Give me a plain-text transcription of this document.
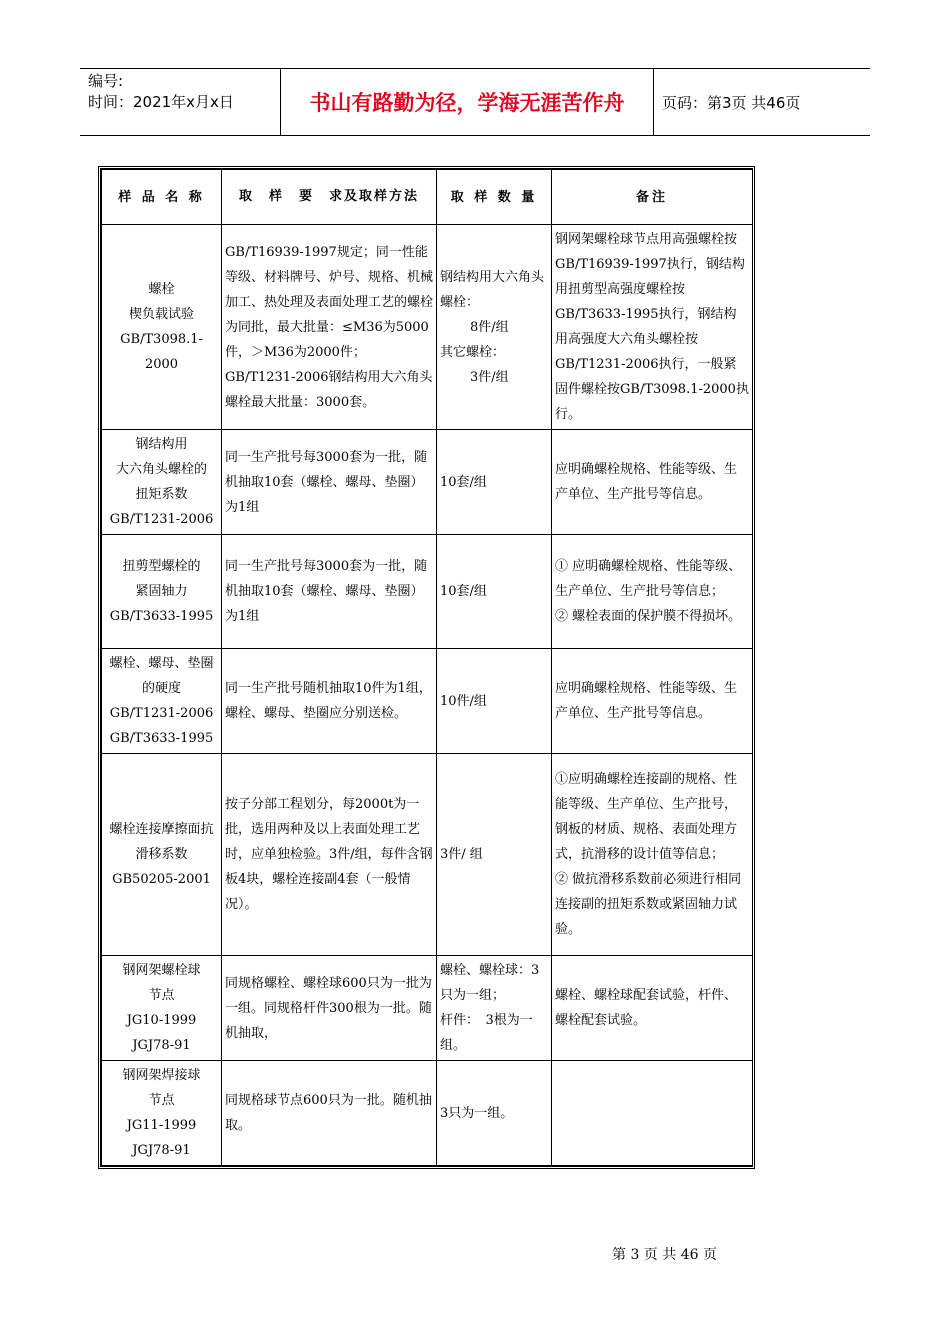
编号:
时间：2021年x月x日	书山有路勤为径，学海无涯苦作舟	页码：第3页 共46页
样 品 名 称	取　样　要　求及取样方法	取 样 数 量	备注

螺栓
楔负载试验
GB/T3098.1-
2000	GB/T16939-1997规定；同一性能等级、材料牌号、炉号、规格、机械加工、热处理及表面处理工艺的螺栓为同批，最大批量：≤M36为5000件，＞M36为2000件；
GB/T1231-2006钢结构用大六角头螺栓最大批量：3000套。	钢结构用大六角头螺栓：
8件/组
其它螺栓：
3件/组	钢网架螺栓球节点用高强螺栓按GB/T16939-1997执行，钢结构用扭剪型高强度螺栓按GB/T3633-1995执行，钢结构用高强度大六角头螺栓按GB/T1231-2006执行，一般紧固件螺栓按GB/T3098.1-2000执行。

钢结构用
大六角头螺栓的
扭矩系数
GB/T1231-2006	同一生产批号每3000套为一批，随机抽取10套（螺栓、螺母、垫圈）为1组	10套/组	应明确螺栓规格、性能等级、生产单位、生产批号等信息。

扭剪型螺栓的
紧固轴力
GB/T3633-1995	同一生产批号每3000套为一批，随机抽取10套（螺栓、螺母、垫圈）为1组	10套/组	① 应明确螺栓规格、性能等级、生产单位、生产批号等信息；
② 螺栓表面的保护膜不得损坏。

螺栓、螺母、垫圈
的硬度
GB/T1231-2006
GB/T3633-1995	同一生产批号随机抽取10件为1组，螺栓、螺母、垫圈应分别送检。	10件/组	应明确螺栓规格、性能等级、生产单位、生产批号等信息。

螺栓连接摩擦面抗
滑移系数
GB50205-2001	按子分部工程划分，每2000t为一批，选用两种及以上表面处理工艺时，应单独检验。3件/组，每件含钢板4块，螺栓连接副4套（一般情况）。	3件/ 组	①应明确螺栓连接副的规格、性能等级、生产单位、生产批号，钢板的材质、规格、表面处理方式，抗滑移的设计值等信息；
② 做抗滑移系数前必须进行相同连接副的扭矩系数或紧固轴力试验。

钢网架螺栓球
节点
JG10-1999
JGJ78-91	同规格螺栓、螺栓球600只为一批为一组。同规格杆件300根为一批。随机抽取，	螺栓、螺栓球：3只为一组；
杆件：　3根为一组。	螺栓、螺栓球配套试验，杆件、螺栓配套试验。

钢网架焊接球
节点
JG11-1999
JGJ78-91	同规格球节点600只为一批。随机抽取。	3只为一组。	

第 3 页 共 46 页
